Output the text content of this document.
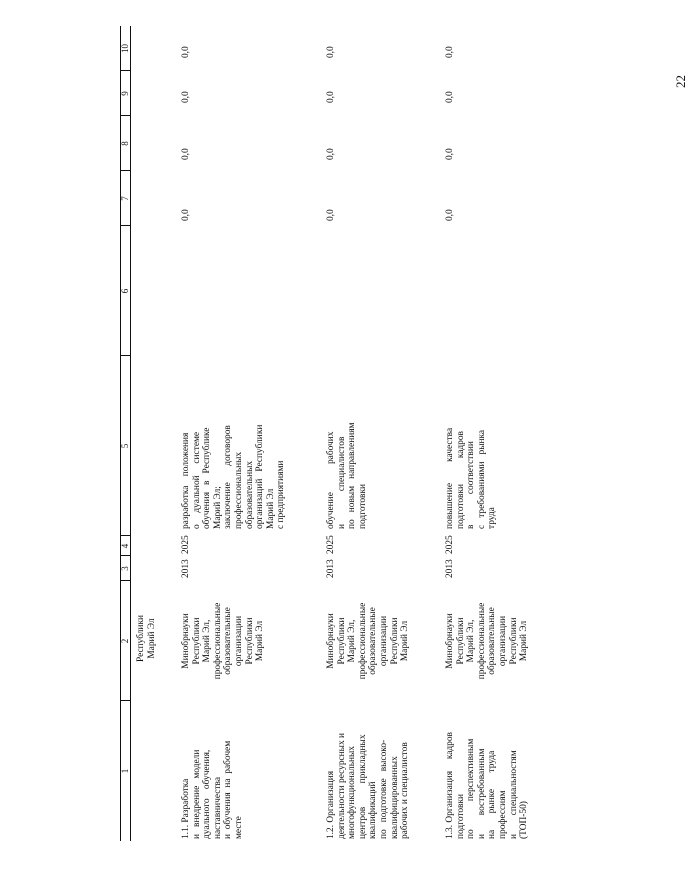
22
1
2
3
4
5
6
7
8
9
10
Республики
Марий Эл
1.1. Разработка
и   внедрение   модели
дуального    обучения,
наставничества
и  обучения  на  рабочем
месте
Минобрнауки
Республики
Марий Эл,
профессиональные
образовательные
организации
Республики
Марий Эл
2013
2025
разработка    положения
о     дуальной     системе
обучения   в   Республике
Марий Эл;
заключение       договоров
профессиональных
образовательных
организаций   Республики
Марий Эл
с предприятиями
0,0
0,0
0,0
0,0
1.2. Организация
деятельности ресурсных и
многофункциональных
центров          прикладных
квалификаций
по   подготовке   высоко-
квалифицированных
рабочих и специалистов
Минобрнауки
Республики
Марий Эл,
профессиональные
образовательные
организации
Республики
Марий Эл
2013
2025
обучение            рабочих
и              специалистов
по   новым   направлениям
подготовки
0,0
0,0
0,0
0,0
1.3. Организация     кадров
подготовки
по            перспективным
и        востребованным
на       рынке       труда
профессиям
и        специальностям
(ТОП-50)
Минобрнауки
Республики
Марий Эл,
профессиональные
образовательные
организации
Республики
Марий Эл
2013
2025
повышение         качества
подготовки           кадров
в             соответствии
с   требованиями   рынка
труда
0,0
0,0
0,0
0,0
